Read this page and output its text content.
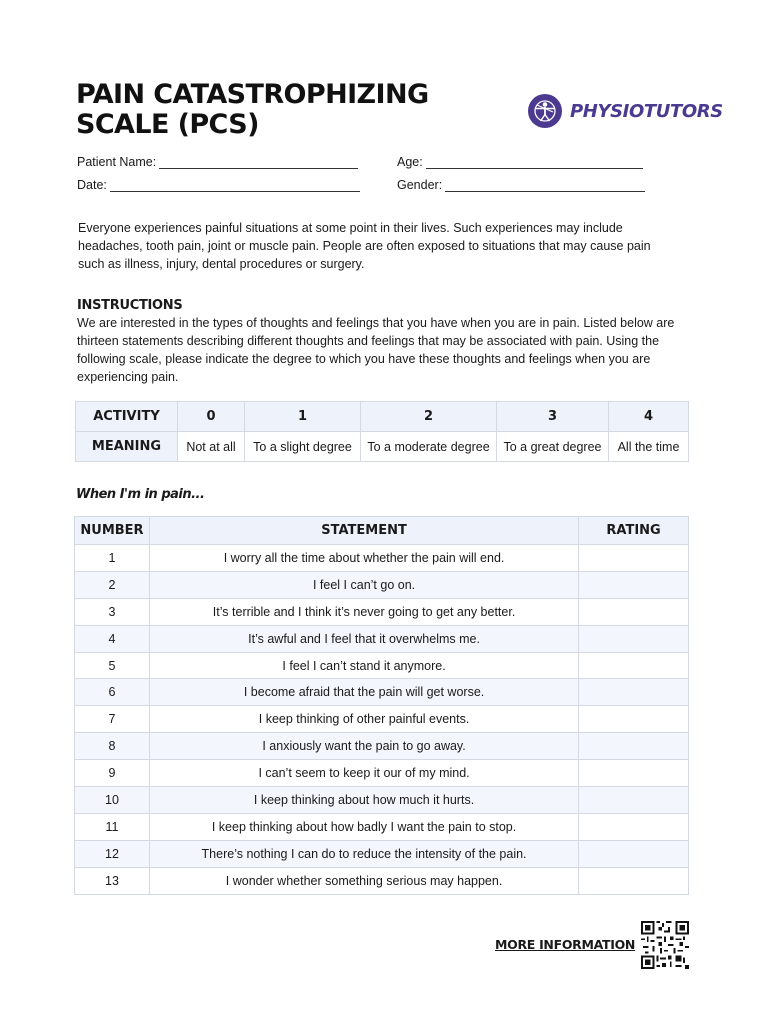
PAIN CATASTROPHIZING
SCALE (PCS)	PHYSIOTUTORS
Patient Name:	Age:
Date:	Gender:

Everyone experiences painful situations at some point in their lives. Such experiences may include headaches, tooth pain, joint or muscle pain. People are often exposed to situations that may cause pain such as illness, injury, dental procedures or surgery.

INSTRUCTIONS

We are interested in the types of thoughts and feelings that you have when you are in pain. Listed below are thirteen statements describing different thoughts and feelings that may be associated with pain. Using the following scale, please indicate the degree to which you have these thoughts and feelings when you are experiencing pain.

ACTIVITY	0	1	2	3	4
MEANING	Not at all	To a slight degree	To a moderate degree	To a great degree	All the time
When I'm in pain...
NUMBER	STATEMENT	RATING
1	I worry all the time about whether the pain will end.	
2	I feel I can’t go on.	
3	It’s terrible and I think it’s never going to get any better.	
4	It’s awful and I feel that it overwhelms me.	
5	I feel I can’t stand it anymore.	
6	I become afraid that the pain will get worse.	
7	I keep thinking of other painful events.	
8	I anxiously want the pain to go away.	
9	I can’t seem to keep it our of my mind.	
10	I keep thinking about how much it hurts.	
11	I keep thinking about how badly I want the pain to stop.	
12	There’s nothing I can do to reduce the intensity of the pain.	
13	I wonder whether something serious may happen.	
MORE INFORMATION
